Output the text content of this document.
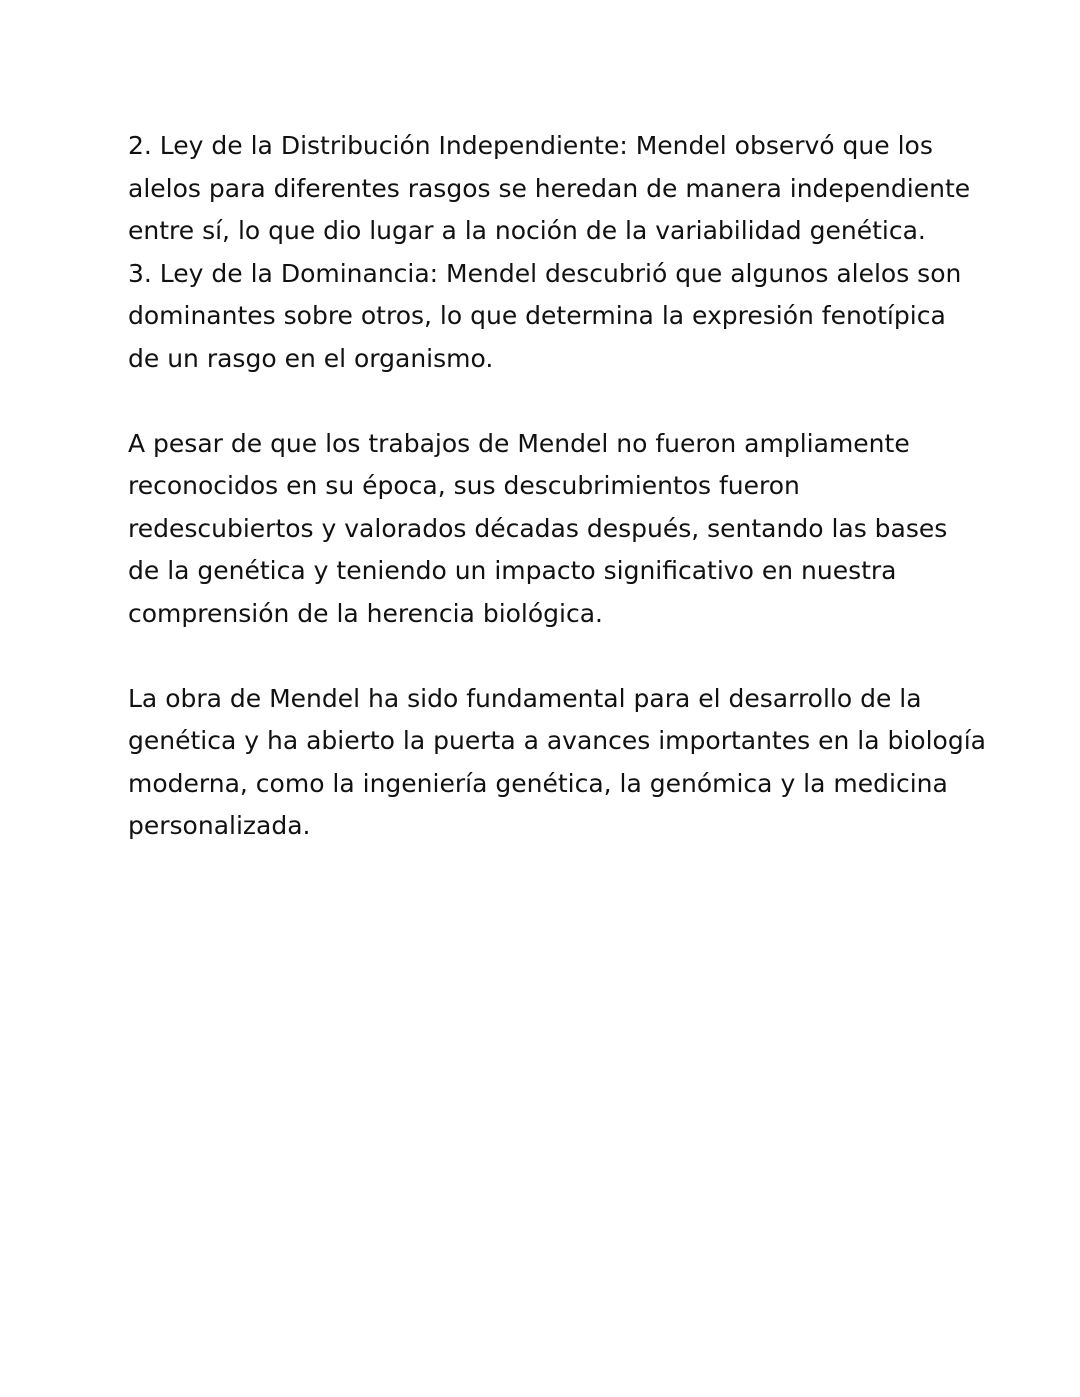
2. Ley de la Distribución Independiente: Mendel observó que los
alelos para diferentes rasgos se heredan de manera independiente
entre sí, lo que dio lugar a la noción de la variabilidad genética.
3. Ley de la Dominancia: Mendel descubrió que algunos alelos son
dominantes sobre otros, lo que determina la expresión fenotípica
de un rasgo en el organismo.
A pesar de que los trabajos de Mendel no fueron ampliamente
reconocidos en su época, sus descubrimientos fueron
redescubiertos y valorados décadas después, sentando las bases
de la genética y teniendo un impacto significativo en nuestra
comprensión de la herencia biológica.
La obra de Mendel ha sido fundamental para el desarrollo de la
genética y ha abierto la puerta a avances importantes en la biología
moderna, como la ingeniería genética, la genómica y la medicina
personalizada.
